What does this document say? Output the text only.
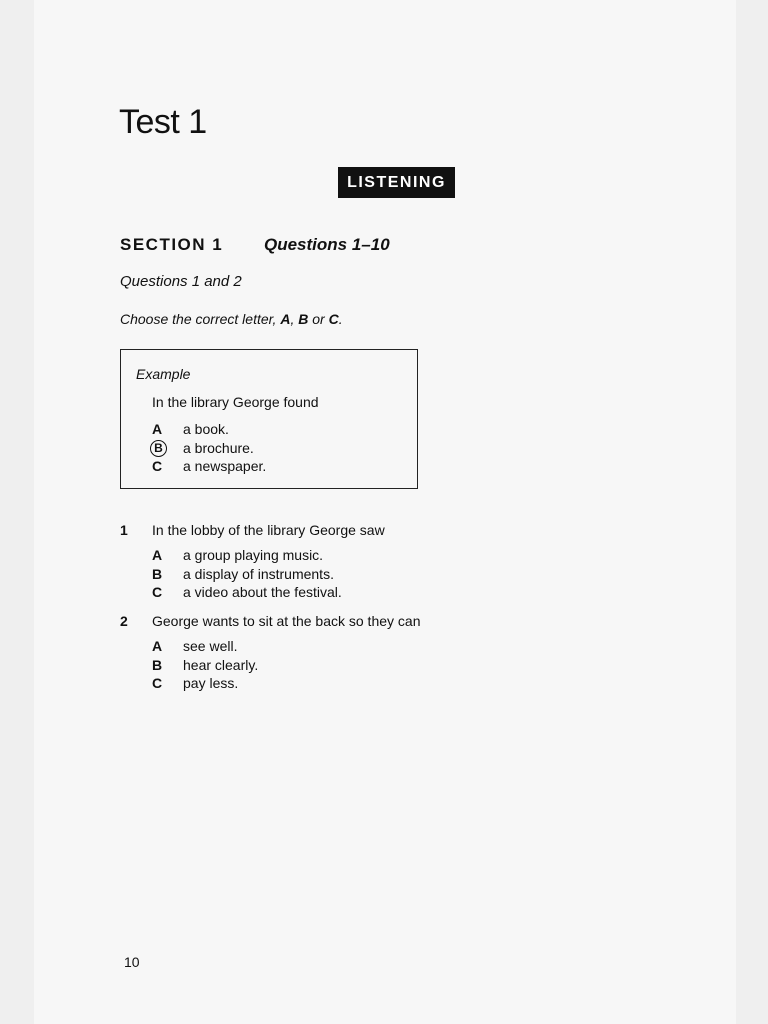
Test 1
LISTENING
SECTION 1	Questions 1–10
Questions 1 and 2
Choose the correct letter, A, B or C.
Example
In the library George found
A	a book.
B	a brochure.
C	a newspaper.
1	In the lobby of the library George saw
A	a group playing music.
B	a display of instruments.
C	a video about the festival.
2	George wants to sit at the back so they can
A	see well.
B	hear clearly.
C	pay less.
10
